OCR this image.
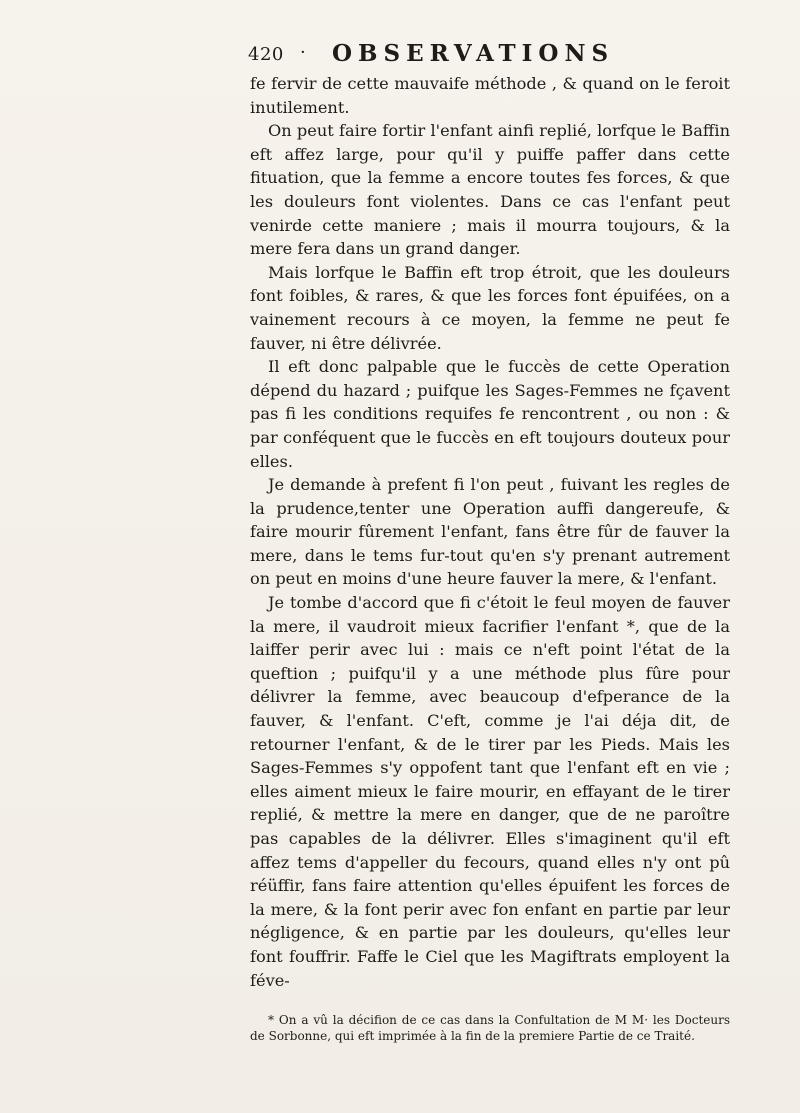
420 · OBSERVATIONS

fe fervir de cette mauvaife méthode , & quand on le feroit inutilement.

On peut faire fortir l'enfant ainfi replié, lorfque le Baffin eft affez large, pour qu'il y puiffe paffer dans cette fituation, que la femme a encore toutes fes forces, & que les douleurs font violentes. Dans ce cas l'enfant peut venirde cette maniere ; mais il mourra toujours, & la mere fera dans un grand danger.

Mais lorfque le Baffin eft trop étroit, que les douleurs font foibles, & rares, & que les forces font épuifées, on a vainement recours à ce moyen, la femme ne peut fe fauver, ni être délivrée.

Il eft donc palpable que le fuccès de cette Operation dépend du hazard ; puifque les Sages-Femmes ne fçavent pas fi les conditions requifes fe rencontrent , ou non : & par conféquent que le fuccès en eft toujours douteux pour elles.

Je demande à prefent fi l'on peut , fuivant les regles de la prudence,tenter une Operation auffi dangereufe, & faire mourir fûrement l'enfant, fans être fûr de fauver la mere, dans le tems fur-tout qu'en s'y prenant autrement on peut en moins d'une heure fauver la mere, & l'enfant.

Je tombe d'accord que fi c'étoit le feul moyen de fauver la mere, il vaudroit mieux facrifier l'enfant *, que de la laiffer perir avec lui : mais ce n'eft point l'état de la queftion ; puifqu'il y a une méthode plus fûre pour délivrer la femme, avec beaucoup d'efperance de la fauver, & l'enfant. C'eft, comme je l'ai déja dit, de retourner l'enfant, & de le tirer par les Pieds. Mais les Sages-Femmes s'y oppofent tant que l'enfant eft en vie ; elles aiment mieux le faire mourir, en effayant de le tirer replié, & mettre la mere en danger, que de ne paroître pas capables de la délivrer. Elles s'imaginent qu'il eft affez tems d'appeller du fecours, quand elles n'y ont pû réüffir, fans faire attention qu'elles épuifent les forces de la mere, & la font perir avec fon enfant en partie par leur négligence, & en partie par les douleurs, qu'elles leur font fouffrir. Faffe le Ciel que les Magiftrats employent la féve-

* On a vû la décifion de ce cas dans la Confultation de M M· les Docteurs de Sorbonne, qui eft imprimée à la fin de la premiere Partie de ce Traité.
